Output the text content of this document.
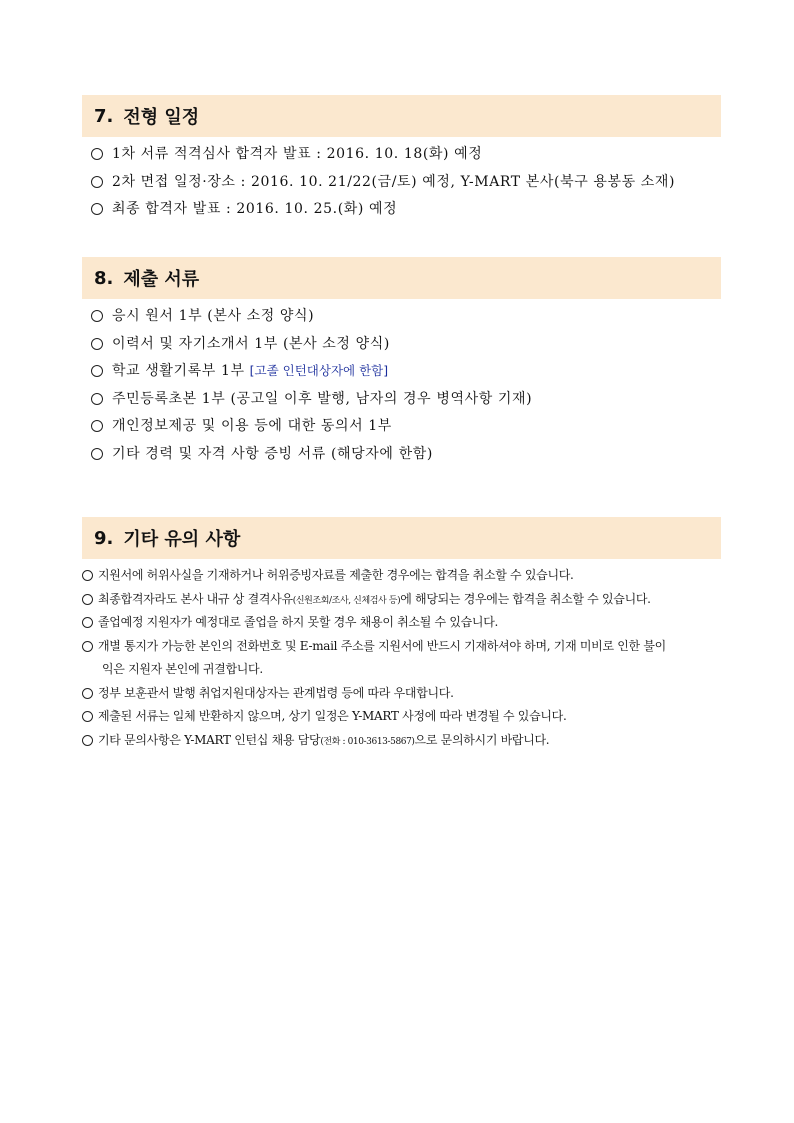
7. 전형 일정
1차 서류 적격심사 합격자 발표 : 2016. 10. 18(화) 예정
2차 면접 일정·장소 : 2016. 10. 21/22(금/토) 예정, Y-MART 본사(북구 용봉동 소재)
최종 합격자 발표 : 2016. 10. 25.(화) 예정
8. 제출 서류
응시 원서 1부 (본사 소정 양식)
이력서 및 자기소개서 1부 (본사 소정 양식)
학교 생활기록부 1부 [고졸 인턴대상자에 한함]
주민등록초본 1부 (공고일 이후 발행, 남자의 경우 병역사항 기재)
개인정보제공 및 이용 등에 대한 동의서 1부
기타 경력 및 자격 사항 증빙 서류 (해당자에 한함)
9. 기타 유의 사항
지원서에 허위사실을 기재하거나 허위증빙자료를 제출한 경우에는 합격을 취소할 수 있습니다.
최종합격자라도 본사 내규 상 결격사유(신원조회/조사, 신체검사 등)에 해당되는 경우에는 합격을 취소할 수 있습니다.
졸업예정 지원자가 예정대로 졸업을 하지 못할 경우 채용이 취소될 수 있습니다.
개별 통지가 가능한 본인의 전화번호 및 E-mail 주소를 지원서에 반드시 기재하셔야 하며, 기재 미비로 인한 불이
익은 지원자 본인에 귀결합니다.
정부 보훈관서 발행 취업지원대상자는 관계법령 등에 따라 우대합니다.
제출된 서류는 일체 반환하지 않으며, 상기 일정은 Y-MART 사정에 따라 변경될 수 있습니다.
기타 문의사항은 Y-MART 인턴십 채용 담당(전화 : 010-3613-5867)으로 문의하시기 바랍니다.
